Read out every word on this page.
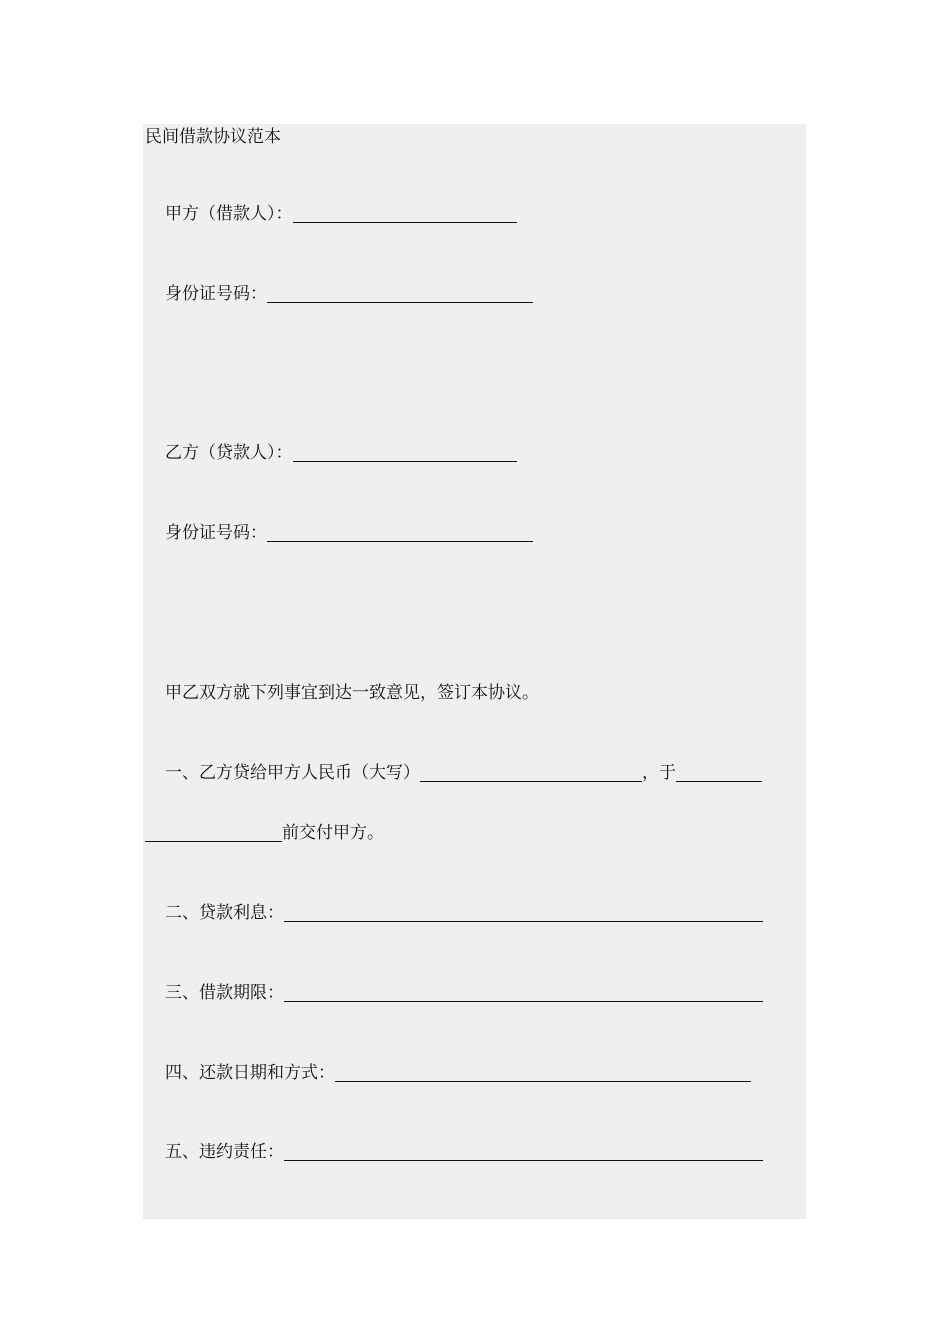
民间借款协议范本
甲方（借款人）：
身份证号码：
乙方（贷款人）：
身份证号码：
甲乙双方就下列事宜到达一致意见，签订本协议。
一、乙方贷给甲方人民币（大写）	，于
前交付甲方。
二、贷款利息：
三、借款期限：
四、还款日期和方式：
五、违约责任：
